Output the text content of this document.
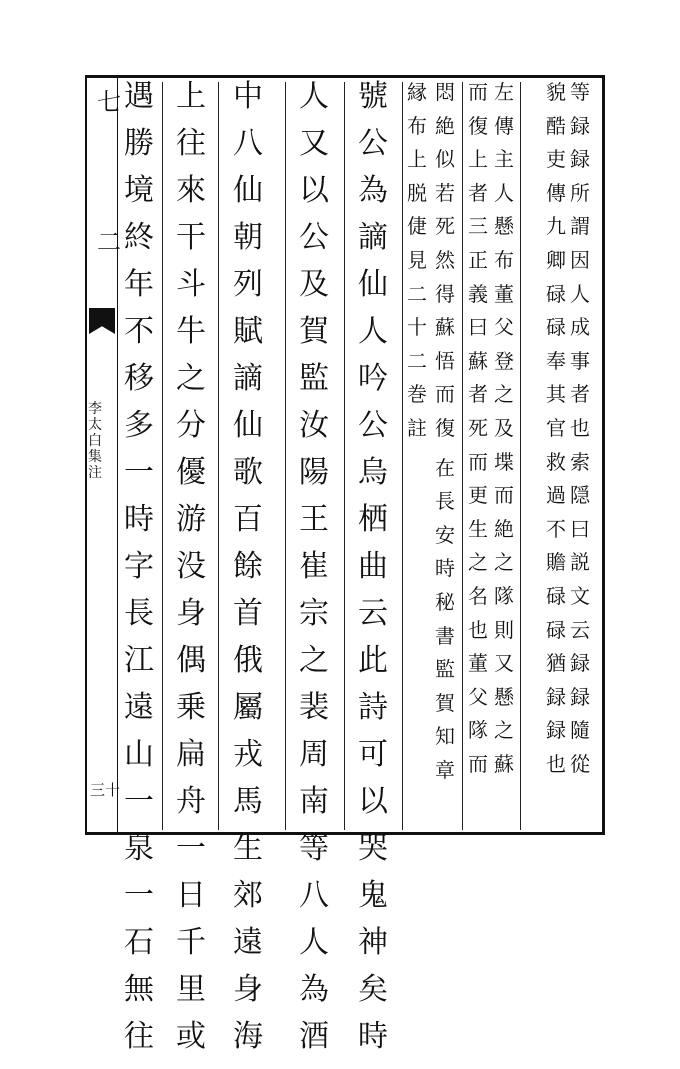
七
二
李
太
白
集
注
三十
等
録
録
所
謂
因
人
成
事
者
也
索
隠
曰
説
文
云
録
録
隨
從
貌
酷
吏
傳
九
卿
碌
碌
奉
其
官
救
過
不
贍
碌
碌
猶
録
録
也
左
傳
主
人
懸
布
董
父
登
之
及
堞
而
絶
之
隊
則
又
懸
之
蘇
而
復
上
者
三
正
義
曰
蘇
者
死
而
更
生
之
名
也
董
父
隊
而
悶
絶
似
若
死
然
得
蘇
悟
而
復
在
長
安
時
秘
書
監
賀
知
章
縁
布
上
脱
倢
見
二
十
二
巻
註
號
公
為
謫
仙
人
吟
公
烏
栖
曲
云
此
詩
可
以
哭
鬼
神
矣
時
人
又
以
公
及
賀
監
汝
陽
王
崔
宗
之
裴
周
南
等
八
人
為
酒
中
八
仙
朝
列
賦
謫
仙
歌
百
餘
首
俄
屬
戎
馬
生
郊
遠
身
海
上
往
來
干
斗
牛
之
分
優
游
没
身
偶
乗
扁
舟
一
日
千
里
或
遇
勝
境
終
年
不
移
多
一
時
字
長
江
遠
山
一
泉
一
石
無
往
